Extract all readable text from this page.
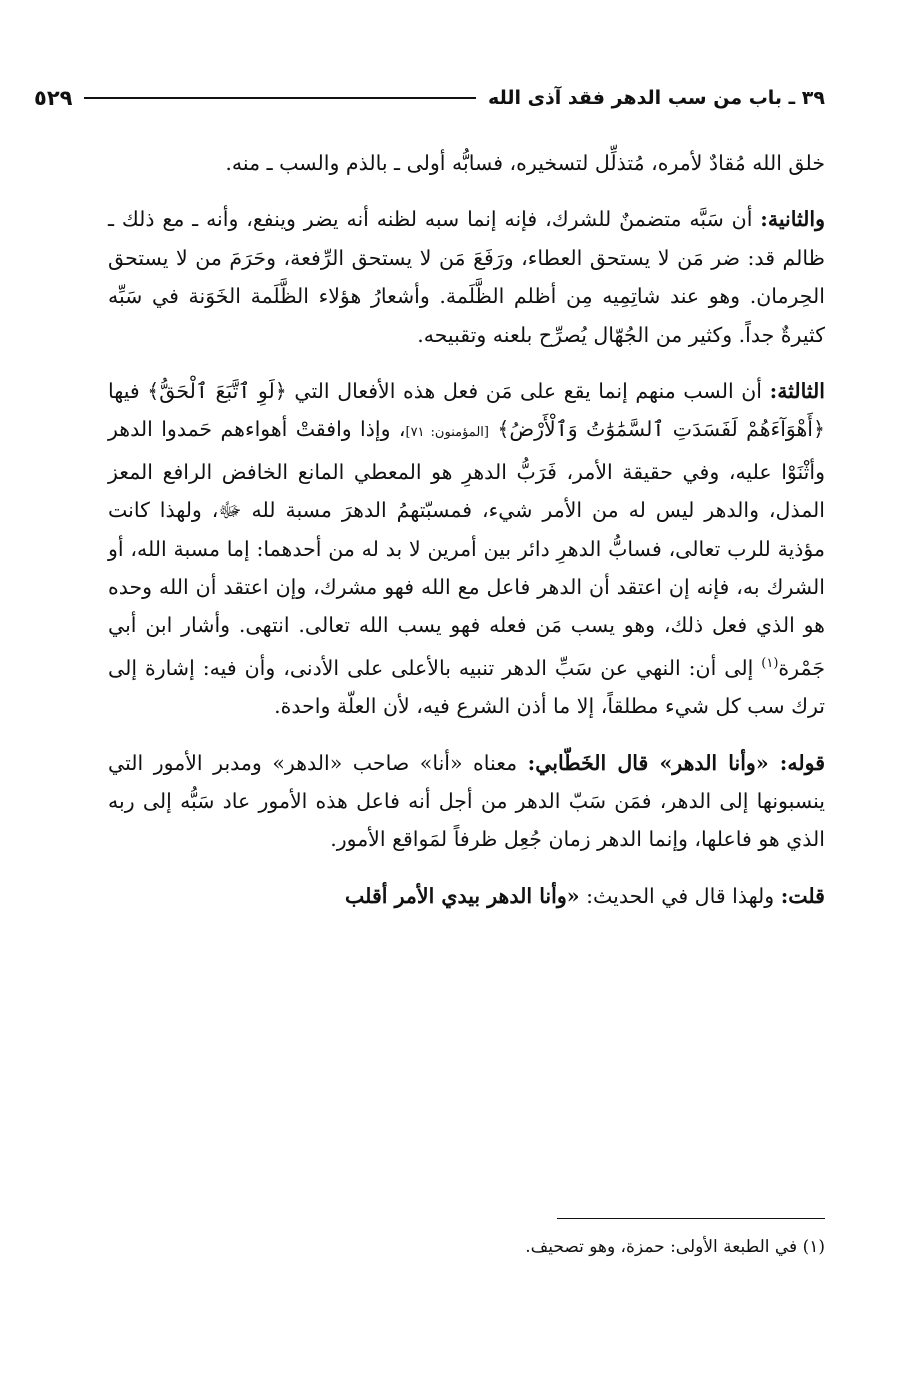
٣٩ ـ باب من سب الدهر فقد آذى الله
٥٢٩

خلق الله مُقادٌ لأمره، مُتذلِّل لتسخيره، فسابُّه أولى ـ بالذم والسب ـ منه.

والثانية: أن سَبَّه متضمنٌ للشرك، فإنه إنما سبه لظنه أنه يضر وينفع، وأنه ـ مع ذلك ـ ظالم قد: ضر مَن لا يستحق العطاء، ورَفَعَ مَن لا يستحق الرِّفعة، وحَرَمَ من لا يستحق الحِرمان. وهو عند شاتِمِيه مِن أظلم الظَّلَمة. وأشعارُ هؤلاء الظَّلَمة الخَوَنة في سَبِّه كثيرةٌ جداً. وكثير من الجُهّال يُصرِّح بلعنه وتقبيحه.

الثالثة: أن السب منهم إنما يقع على مَن فعل هذه الأفعال التي ﴿لَوِ ٱتَّبَعَ ٱلْحَقُّ﴾ فيها ﴿أَهْوَآءَهُمْ لَفَسَدَتِ ٱلسَّمَٰوَٰتُ وَٱلْأَرْضُ﴾ [المؤمنون: ٧١]، وإذا وافقتْ أهواءهم حَمدوا الدهر وأثْنَوْا عليه، وفي حقيقة الأمر، فَرَبُّ الدهرِ هو المعطي المانع الخافض الرافع المعز المذل، والدهر ليس له من الأمر شيء، فمسبّتهمُ الدهرَ مسبة لله ﷻ، ولهذا كانت مؤذية للرب تعالى، فسابُّ الدهرِ دائر بين أمرين لا بد له من أحدهما: إما مسبة الله، أو الشرك به، فإنه إن اعتقد أن الدهر فاعل مع الله فهو مشرك، وإن اعتقد أن الله وحده هو الذي فعل ذلك، وهو يسب مَن فعله فهو يسب الله تعالى. انتهى. وأشار ابن أبي جَمْرة$^{(١)}$ إلى أن: النهي عن سَبِّ الدهر تنبيه بالأعلى على الأدنى، وأن فيه: إشارة إلى ترك سب كل شيء مطلقاً، إلا ما أذن الشرع فيه، لأن العلّة واحدة.

قوله: «وأنا الدهر» قال الخَطّابي: معناه «أنا» صاحب «الدهر» ومدبر الأمور التي ينسبونها إلى الدهر، فمَن سَبّ الدهر من أجل أنه فاعل هذه الأمور عاد سَبُّه إلى ربه الذي هو فاعلها، وإنما الدهر زمان جُعِل ظرفاً لمَواقع الأمور.

قلت: ولهذا قال في الحديث: «وأنا الدهر بيدي الأمر أقلب

(١) في الطبعة الأولى: حمزة، وهو تصحيف.
